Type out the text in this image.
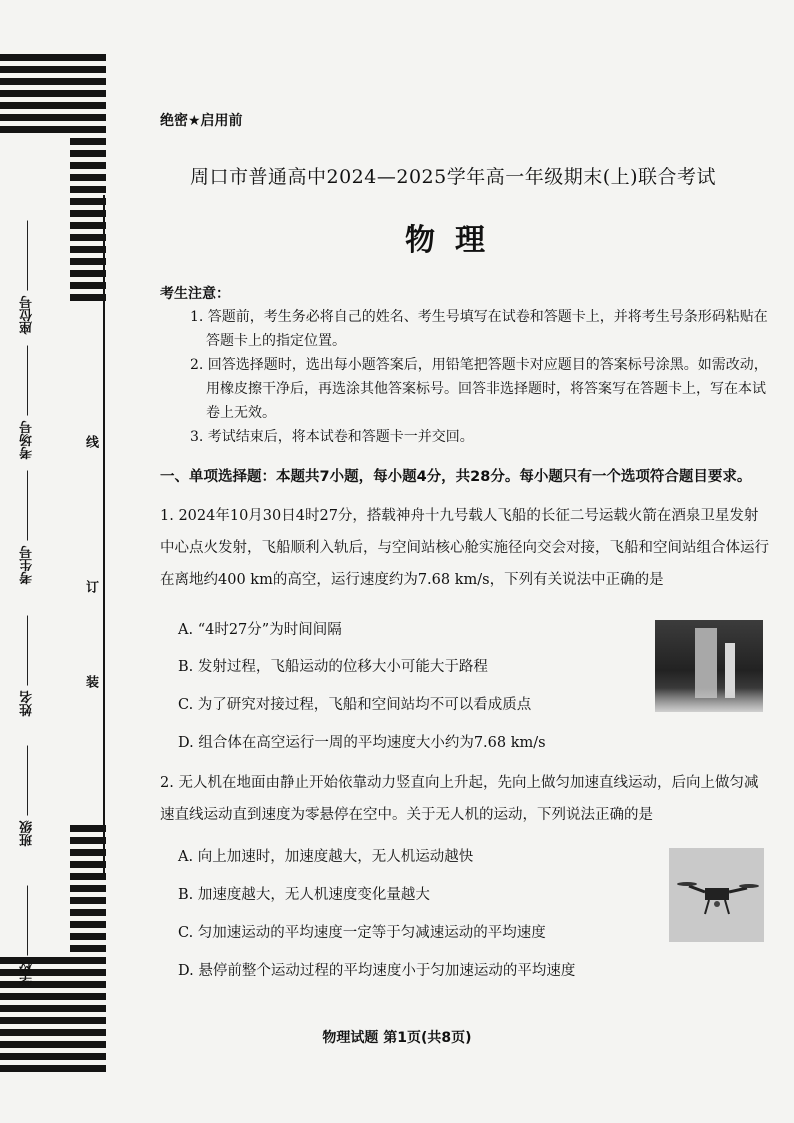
座位号
考场号
考生号
姓名
班级
学校
线
订
装
绝密★启用前
周口市普通高中2024—2025学年高一年级期末(上)联合考试
物理
考生注意：

1. 答题前，考生务必将自己的姓名、考生号填写在试卷和答题卡上，并将考生号条形码粘贴在答题卡上的指定位置。

2. 回答选择题时，选出每小题答案后，用铅笔把答题卡对应题目的答案标号涂黑。如需改动，用橡皮擦干净后，再选涂其他答案标号。回答非选择题时，将答案写在答题卡上，写在本试卷上无效。

3. 考试结束后，将本试卷和答题卡一并交回。

一、单项选择题：本题共7小题，每小题4分，共28分。每小题只有一个选项符合题目要求。
1. 2024年10月30日4时27分，搭载神舟十九号载人飞船的长征二号运载火箭在酒泉卫星发射中心点火发射，飞船顺利入轨后，与空间站核心舱实施径向交会对接，飞船和空间站组合体运行在离地约400 km的高空，运行速度约为7.68 km/s，下列有关说法中正确的是
A. “4时27分”为时间间隔
B. 发射过程，飞船运动的位移大小可能大于路程
C. 为了研究对接过程，飞船和空间站均不可以看成质点
D. 组合体在高空运行一周的平均速度大小约为7.68 km/s
2. 无人机在地面由静止开始依靠动力竖直向上升起，先向上做匀加速直线运动，后向上做匀减速直线运动直到速度为零悬停在空中。关于无人机的运动，下列说法正确的是
A. 向上加速时，加速度越大，无人机运动越快
B. 加速度越大，无人机速度变化量越大
C. 匀加速运动的平均速度一定等于匀减速运动的平均速度
D. 悬停前整个运动过程的平均速度小于匀加速运动的平均速度
物理试题 第1页(共8页)
